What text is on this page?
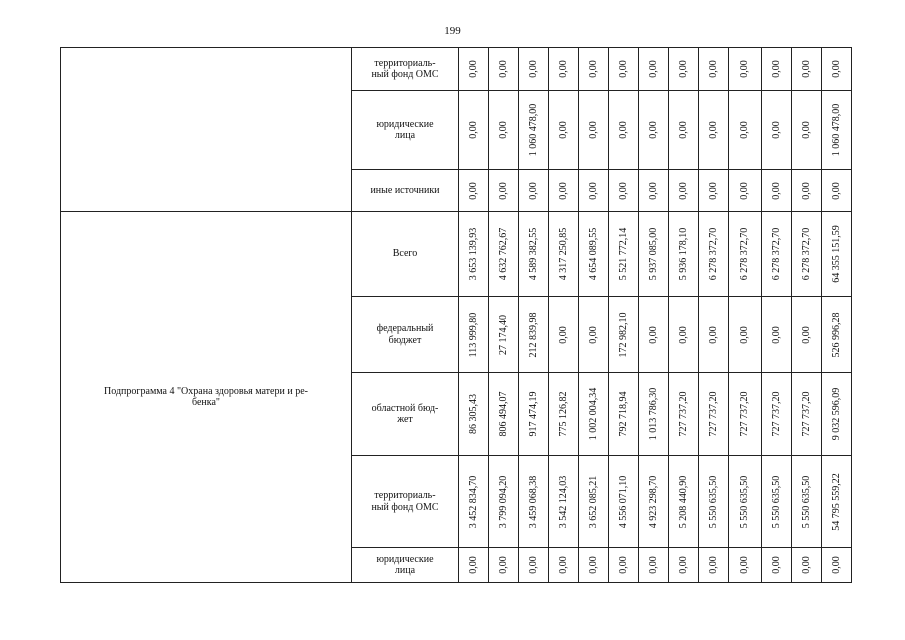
199

	территориаль-
ный фонд ОМС	0,00	0,00	0,00	0,00	0,00	0,00	0,00	0,00	0,00	0,00	0,00	0,00	0,00

	юридические
лица	0,00	0,00	1 060 478,00	0,00	0,00	0,00	0,00	0,00	0,00	0,00	0,00	0,00	1 060 478,00

	иные источники	0,00	0,00	0,00	0,00	0,00	0,00	0,00	0,00	0,00	0,00	0,00	0,00	0,00

Подпрограмма 4 "Охрана здоровья матери и ре-
бенка"	Всего	3 653 139,93	4 632 762,67	4 589 382,55	4 317 250,85	4 654 089,55	5 521 772,14	5 937 085,00	5 936 178,10	6 278 372,70	6 278 372,70	6 278 372,70	6 278 372,70	64 355 151,59

	федеральный
бюджет	113 999,80	27 174,40	212 839,98	0,00	0,00	172 982,10	0,00	0,00	0,00	0,00	0,00	0,00	526 996,28

	областной бюд-
жет	86 305,43	806 494,07	917 474,19	775 126,82	1 002 004,34	792 718,94	1 013 786,30	727 737,20	727 737,20	727 737,20	727 737,20	727 737,20	9 032 596,09

	территориаль-
ный фонд ОМС	3 452 834,70	3 799 094,20	3 459 068,38	3 542 124,03	3 652 085,21	4 556 071,10	4 923 298,70	5 208 440,90	5 550 635,50	5 550 635,50	5 550 635,50	5 550 635,50	54 795 559,22

	юридические
лица	0,00	0,00	0,00	0,00	0,00	0,00	0,00	0,00	0,00	0,00	0,00	0,00	0,00
